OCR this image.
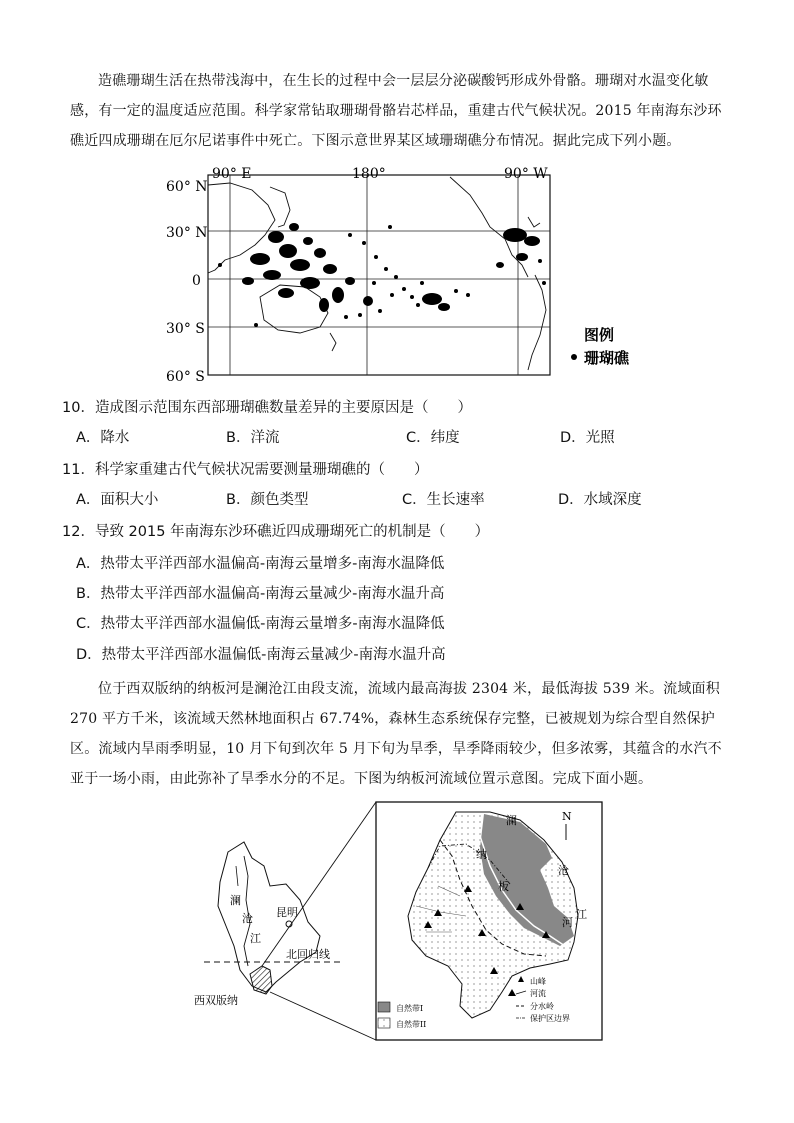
造礁珊瑚生活在热带浅海中，在生长的过程中会一层层分泌碳酸钙形成外骨骼。珊瑚对水温变化敏感，有一定的温度适应范围。科学家常钻取珊瑚骨骼岩芯样品，重建古代气候状况。2015 年南海东沙环礁近四成珊瑚在厄尔尼诺事件中死亡。下图示意世界某区域珊瑚礁分布情况。据此完成下列小题。
90° E	180°	90° W
60° N
30° N
0
30° S
60° S
图例
珊瑚礁
10．造成图示范围东西部珊瑚礁数量差异的主要原因是（　　）
A．降水	B．洋流	C．纬度	D．光照
11．科学家重建古代气候状况需要测量珊瑚礁的（　　）
A．面积大小	B．颜色类型	C．生长速率	D．水域深度
12．导致 2015 年南海东沙环礁近四成珊瑚死亡的机制是（　　）
A．热带太平洋西部水温偏高-南海云量增多-南海水温降低
B．热带太平洋西部水温偏高-南海云量减少-南海水温升高
C．热带太平洋西部水温偏低-南海云量增多-南海水温降低
D．热带太平洋西部水温偏低-南海云量减少-南海水温升高
位于西双版纳的纳板河是澜沧江由段支流，流域内最高海拔 2304 米，最低海拔 539 米。流域面积 270 平方千米，该流域天然林地面积占 67.74%，森林生态系统保存完整，已被规划为综合型自然保护区。流域内旱雨季明显，10 月下旬到次年 5 月下旬为旱季，旱季降雨较少，但多浓雾，其蕴含的水汽不亚于一场小雨，由此弥补了旱季水分的不足。下图为纳板河流域位置示意图。完成下面小题。
澜
沧
江
昆明
北回归线
西双版纳
澜
沧
江
纳
板
河
N
自然带I
自然带II
山峰
河流
分水岭
保护区边界
